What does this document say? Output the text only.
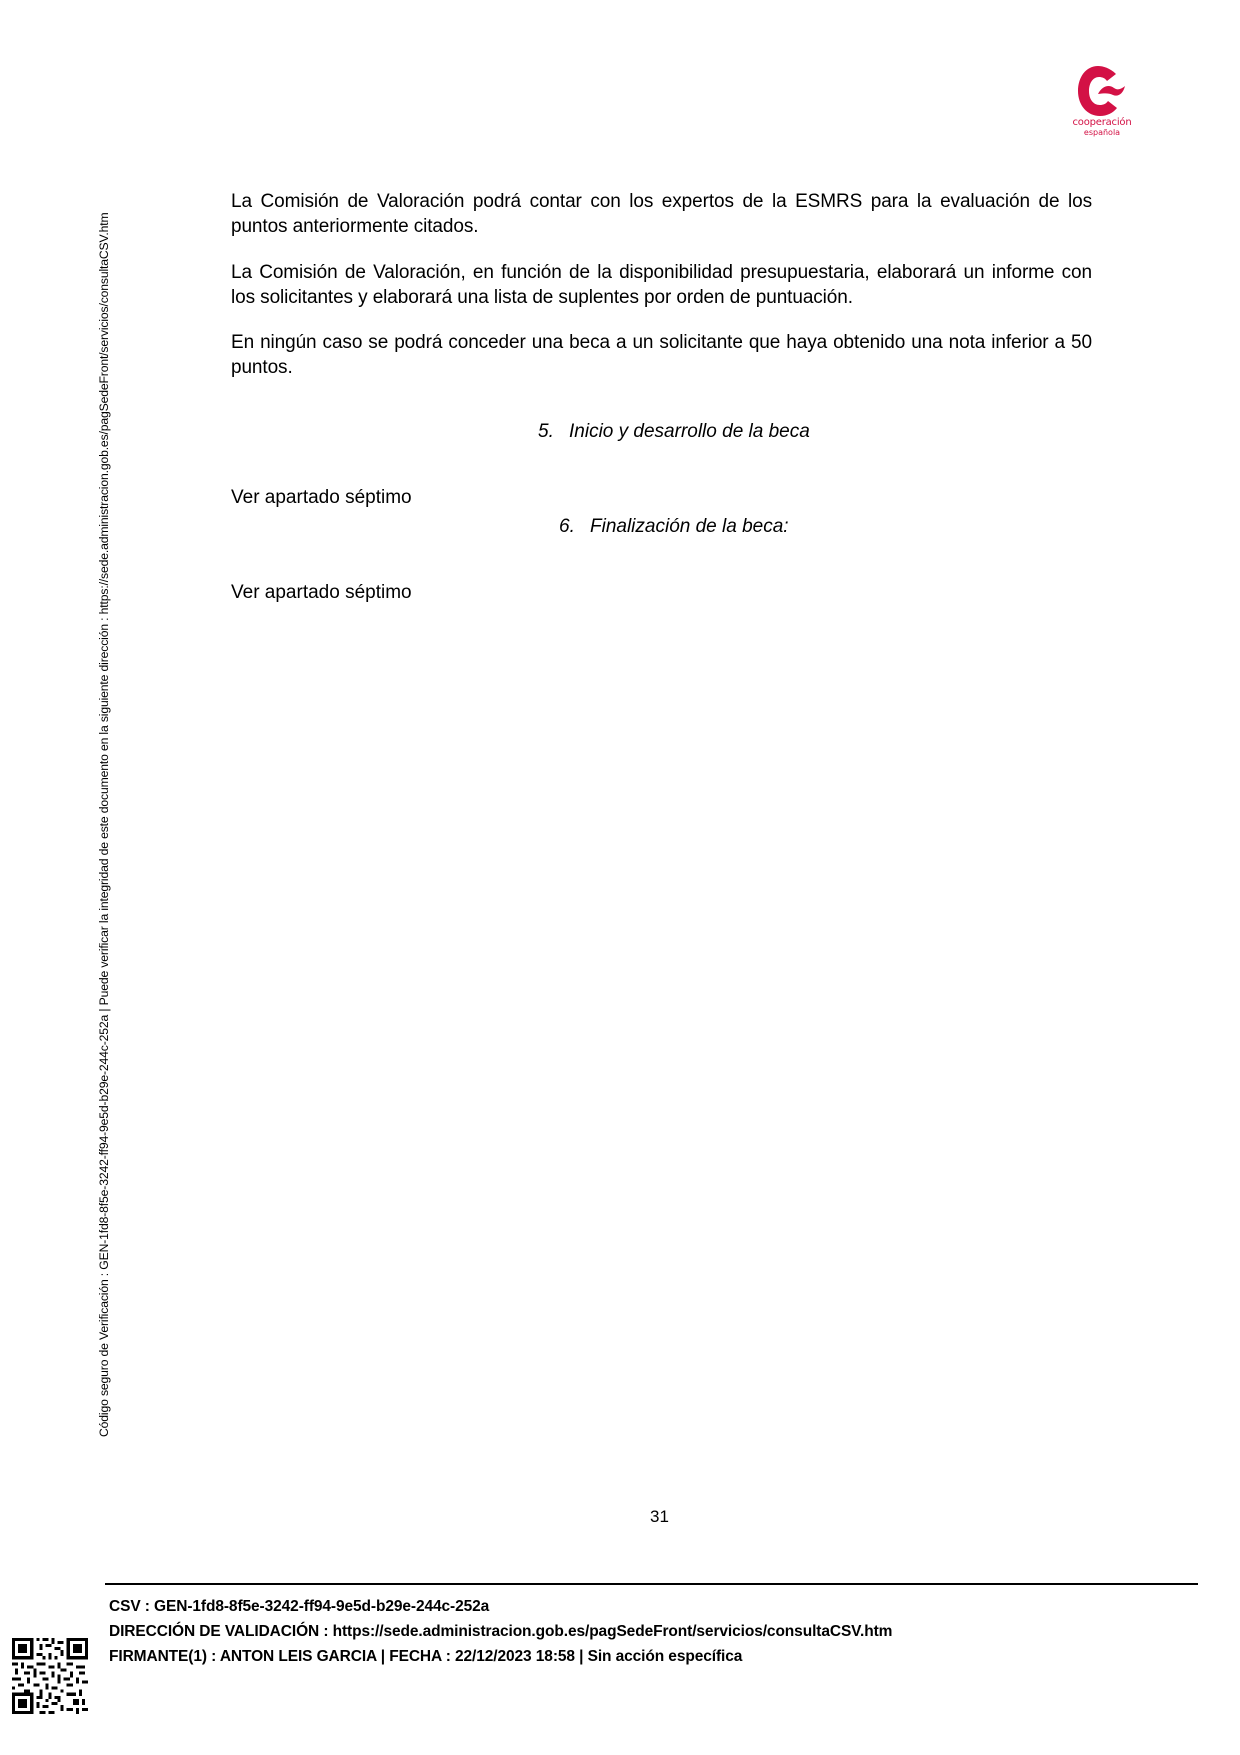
cooperación
española
Código seguro de Verificación : GEN-1fd8-8f5e-3242-ff94-9e5d-b29e-244c-252a | Puede verificar la integridad de este documento en la siguiente dirección : https://sede.administracion.gob.es/pagSedeFront/servicios/consultaCSV.htm

La Comisión de Valoración podrá contar con los expertos de la ESMRS para la evaluación de los puntos anteriormente citados.

La Comisión de Valoración, en función de la disponibilidad presupuestaria, elaborará un informe con los solicitantes y elaborará una lista de suplentes por orden de puntuación.

En ningún caso se podrá conceder una beca a un solicitante que haya obtenido una nota inferior a 50 puntos.

5. Inicio y desarrollo de la beca

Ver apartado séptimo

6. Finalización de la beca:

Ver apartado séptimo

31
CSV : GEN-1fd8-8f5e-3242-ff94-9e5d-b29e-244c-252a
DIRECCIÓN DE VALIDACIÓN : https://sede.administracion.gob.es/pagSedeFront/servicios/consultaCSV.htm
FIRMANTE(1) : ANTON LEIS GARCIA | FECHA : 22/12/2023 18:58 | Sin acción específica
